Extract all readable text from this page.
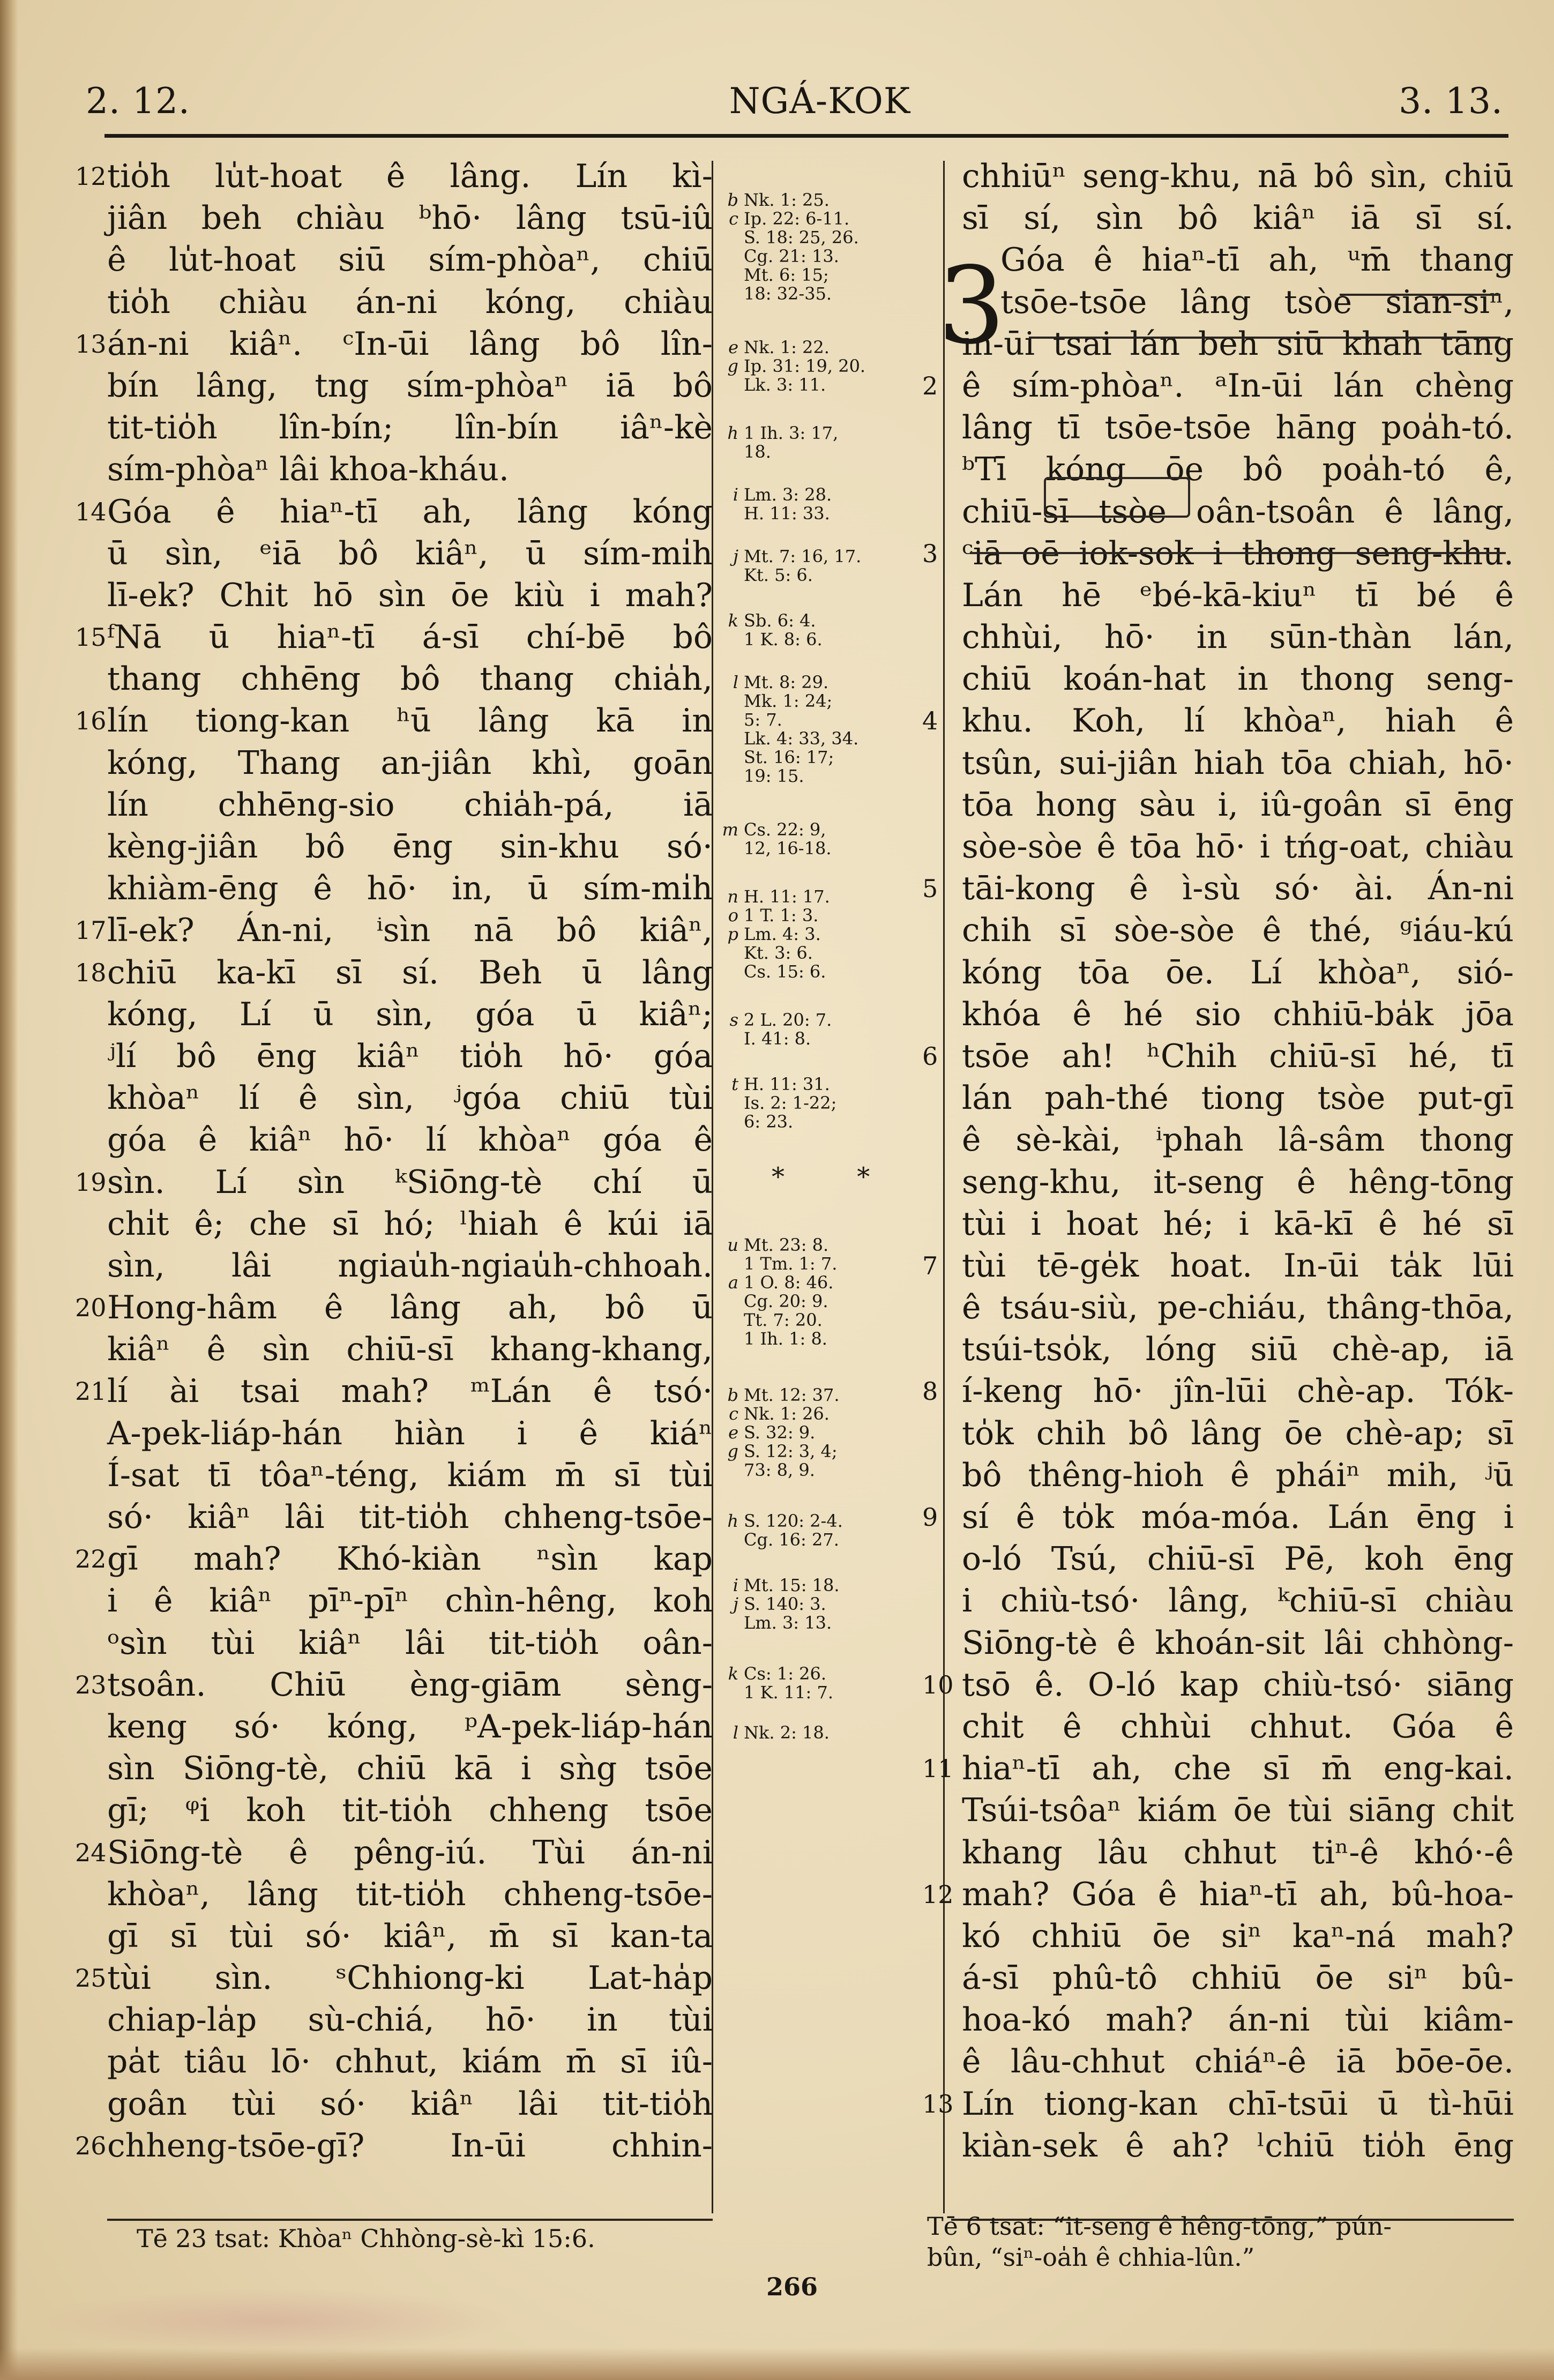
2. 12.	NGÁ-KOK	3. 13.
12 tio̍h lu̍t-hoat ê lâng. Lín kì-
jiân beh chiàu ᵇhō· lâng tsū-iû
ê lu̍t-hoat siū sím-phòaⁿ, chiū
tio̍h chiàu án-ni kóng, chiàu
13 án-ni kiâⁿ. ᶜIn-ūi lâng bô lîn-
bín lâng, tng sím-phòaⁿ iā bô
tit-tio̍h lîn-bín; lîn-bín iâⁿ-kè
sím-phòaⁿ lâi khoa-kháu.
14 Góa ê hiaⁿ-tī ah, lâng kóng
ū sìn, ᵉiā bô kiâⁿ, ū sím-mi̍h
lī-ek? Chit hō sìn ōe kiù i mah?
15 ᶠNā ū hiaⁿ-tī á-sī chí-bē bô
thang chhēng bô thang chia̍h,
16 lín tiong-kan ʰū lâng kā in
kóng, Thang an-jiân khì, goān
lín chhēng-sio chia̍h-pá, iā
kèng-jiân bô ēng sin-khu só·
khiàm-ēng ê hō· in, ū sím-mi̍h
17 lī-ek? Án-ni, ⁱsìn nā bô kiâⁿ,
18 chiū ka-kī sī sí. Beh ū lâng
kóng, Lí ū sìn, góa ū kiâⁿ;
ʲlí bô ēng kiâⁿ tio̍h hō· góa
khòaⁿ lí ê sìn, ʲgóa chiū tùi
góa ê kiâⁿ hō· lí khòaⁿ góa ê
19 sìn. Lí sìn ᵏSiōng-tè chí ū
chi̍t ê; che sī hó; ˡhiah ê kúi iā
sìn, lâi ngiau̍h-ngiau̍h-chhoah.
20 Hong-hâm ê lâng ah, bô ū
kiâⁿ ê sìn chiū-sī khang-khang,
21 lí ài tsai mah? ᵐLán ê tsó·
A-pek-liáp-hán hiàn i ê kiáⁿ
Í-sat tī tôaⁿ-téng, kiám m̄ sī tùi
só· kiâⁿ lâi tit-tio̍h chheng-tsōe-
22 gī mah? Khó-kiàn ⁿsìn kap
i ê kiâⁿ pīⁿ-pīⁿ chìn-hêng, koh
ᵒsìn tùi kiâⁿ lâi tit-tio̍h oân-
23 tsoân. Chiū èng-giām sèng-
keng só· kóng, ᵖA-pek-liáp-hán
sìn Siōng-tè, chiū kā i sǹg tsōe
gī; ᵠi koh tit-tio̍h chheng tsōe
24 Siōng-tè ê pêng-iú. Tùi án-ni
khòaⁿ, lâng tit-tio̍h chheng-tsōe-
gī sī tùi só· kiâⁿ, m̄ sī kan-ta
25 tùi sìn. ˢChhiong-ki Lat-ha̍p
chiap-la̍p sù-chiá, hō· in tùi
pa̍t tiâu lō· chhut, kiám m̄ sī iû-
goân tùi só· kiâⁿ lâi tit-tio̍h
26 chheng-tsōe-gī? In-ūi chhin-
chhiūⁿ seng-khu, nā bô sìn, chiū
sī sí, sìn bô kiâⁿ iā sī sí.
Góa ê hiaⁿ-tī ah, ᵘm̄ thang
tsōe-tsōe lâng tsòe sian-siⁿ,
in-ūi tsai lán beh siū khah tāng
2 ê sím-phòaⁿ. ᵃIn-ūi lán chèng
lâng tī tsōe-tsōe hāng poa̍h-tó.
ᵇTī kóng ōe bô poa̍h-tó ê,
chiū-sī tsòe oân-tsoân ê lâng,
3 ᶜiā oē iok-sok i thong seng-khu.
Lán hē ᵉbé-kā-kiuⁿ tī bé ê
chhùi, hō· in sūn-thàn lán,
chiū koán-hat in thong seng-
4 khu. Koh, lí khòaⁿ, hiah ê
tsûn, sui-jiân hiah tōa chiah, hō·
tōa hong sàu i, iû-goân sī ēng
sòe-sòe ê tōa hō· i tńg-oat, chiàu
5 tāi-kong ê ì-sù só· ài. Án-ni
chih sī sòe-sòe ê thé, ᵍiáu-kú
kóng tōa ōe. Lí khòaⁿ, sió-
khóa ê hé sio chhiū-ba̍k jōa
6 tsōe ah! ʰChih chiū-sī hé, tī
lán pah-thé tiong tsòe put-gī
ê sè-kài, ⁱphah lâ-sâm thong
seng-khu, it-seng ê hêng-tōng
tùi i hoat hé; i kā-kī ê hé sī
7 tùi tē-ge̍k hoat. In-ūi ta̍k lūi
ê tsáu-siù, pe-chiáu, thâng-thōa,
tsúi-tso̍k, lóng siū chè-ap, iā
8 í-keng hō· jîn-lūi chè-ap. Tók-
to̍k chih bô lâng ōe chè-ap; sī
bô thêng-hioh ê pháiⁿ mih, ʲū
9 sí ê to̍k móa-móa. Lán ēng i
o-ló Tsú, chiū-sī Pē, koh ēng
i chiù-tsó· lâng, ᵏchiū-sī chiàu
Siōng-tè ê khoán-sit lâi chhòng-
10 tsō ê. O-ló kap chiù-tsó· siāng
chi̍t ê chhùi chhut. Góa ê
11 hiaⁿ-tī ah, che sī m̄ eng-kai.
Tsúi-tsôaⁿ kiám ōe tùi siāng chi̍t
khang lâu chhut tiⁿ-ê khó·-ê
12 mah? Góa ê hiaⁿ-tī ah, bû-hoa-
kó chhiū ōe siⁿ kaⁿ-ná mah?
á-sī phû-tô chhiū ōe siⁿ bû-
hoa-kó mah? án-ni tùi kiâm-
ê lâu-chhut chiáⁿ-ê iā bōe-ōe.
13 Lín tiong-kan chī-tsūi ū tì-hūi
kiàn-sek ê ah? ˡchiū tio̍h ēng
3
b Nk. 1: 25.
c Ip. 22: 6-11.
S. 18: 25, 26.
Cg. 21: 13.
Mt. 6: 15;
18: 32-35.
e Nk. 1: 22.
g Ip. 31: 19, 20.
Lk. 3: 11.
h 1 Ih. 3: 17,
18.
i Lm. 3: 28.
H. 11: 33.
j Mt. 7: 16, 17.
Kt. 5: 6.
k Sb. 6: 4.
1 K. 8: 6.
l Mt. 8: 29.
Mk. 1: 24;
5: 7.
Lk. 4: 33, 34.
St. 16: 17;
19: 15.
m Cs. 22: 9,
12, 16-18.
n H. 11: 17.
o 1 T. 1: 3.
p Lm. 4: 3.
Kt. 3: 6.
Cs. 15: 6.
s 2 L. 20: 7.
I. 41: 8.
t H. 11: 31.
Is. 2: 1-22;
6: 23.
u Mt. 23: 8.
1 Tm. 1: 7.
a 1 O. 8: 46.
Cg. 20: 9.
Tt. 7: 20.
1 Ih. 1: 8.
b Mt. 12: 37.
c Nk. 1: 26.
e S. 32: 9.
g S. 12: 3, 4;
73: 8, 9.
h S. 120: 2-4.
Cg. 16: 27.
i Mt. 15: 18.
j S. 140: 3.
Lm. 3: 13.
k Cs: 1: 26.
1 K. 11: 7.
l Nk. 2: 18.
* *
Tē 23 tsat: Khòaⁿ Chhòng-sè-kì 15:6.	Tē 6 tsat: “it-seng ê hêng-tōng,” pún-
bûn, “siⁿ-oa̍h ê chhia-lûn.”
266
